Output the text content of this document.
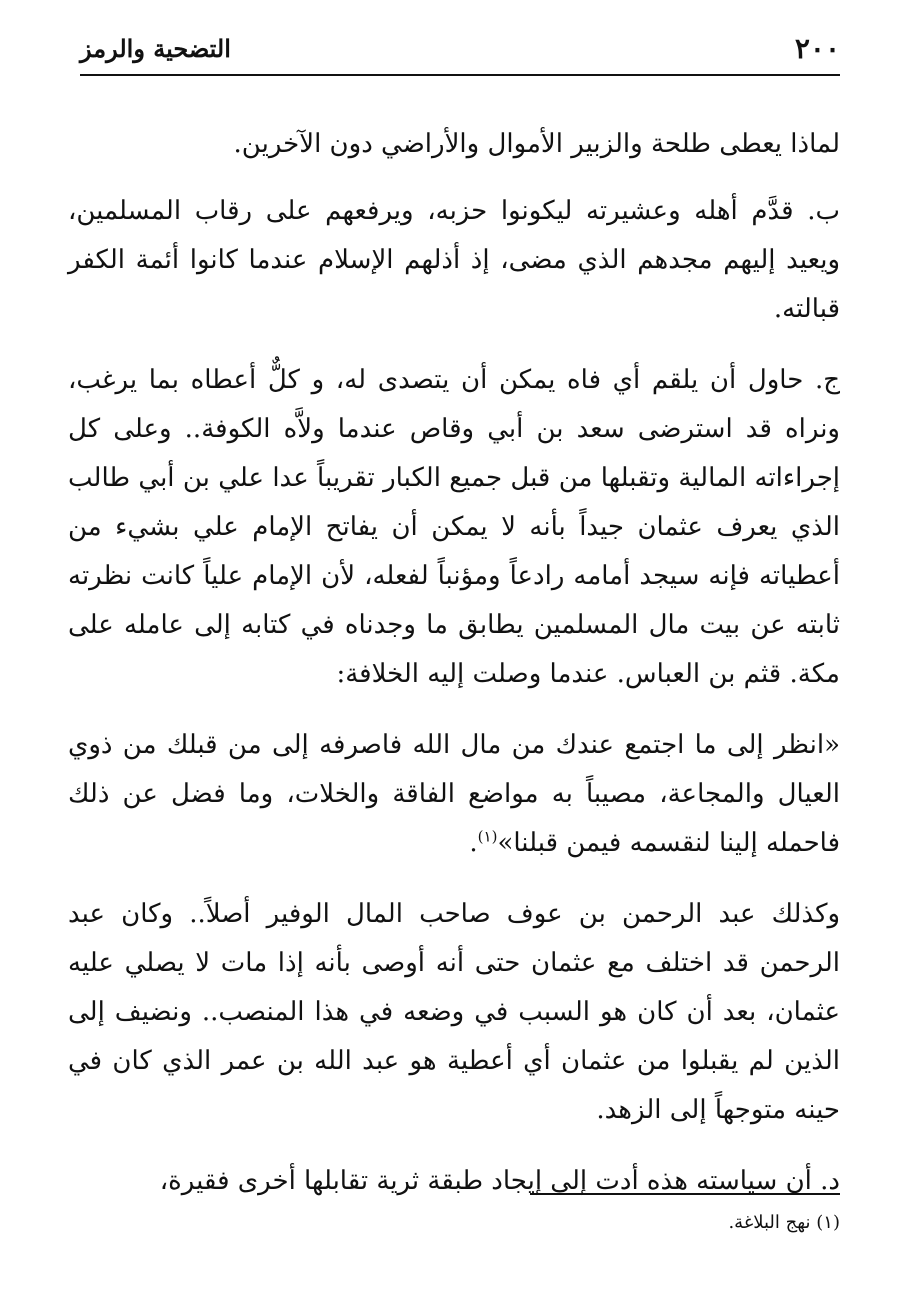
٢٠٠
التضحية والرمز

لماذا يعطى طلحة والزبير الأموال والأراضي دون الآخرين.

ب. قدَّم أهله وعشيرته ليكونوا حزبه، ويرفعهم على رقاب المسلمين، ويعيد إليهم مجدهم الذي مضى، إذ أذلهم الإسلام عندما كانوا أئمة الكفر قبالته.

ج. حاول أن يلقم أي فاه يمكن أن يتصدى له، و كلٌّ أعطاه بما يرغب، ونراه قد استرضى سعد بن أبي وقاص عندما ولاَّه الكوفة.. وعلى كل إجراءاته المالية وتقبلها من قبل جميع الكبار تقريباً عدا علي بن أبي طالب الذي يعرف عثمان جيداً بأنه لا يمكن أن يفاتح الإمام علي بشيء من أعطياته فإنه سيجد أمامه رادعاً ومؤنباً لفعله، لأن الإمام علياً كانت نظرته ثابته عن بيت مال المسلمين يطابق ما وجدناه في كتابه إلى عامله على مكة. قثم بن العباس. عندما وصلت إليه الخلافة:

«انظر إلى ما اجتمع عندك من مال الله فاصرفه إلى من قبلك من ذوي العيال والمجاعة، مصيباً به مواضع الفاقة والخلات، وما فضل عن ذلك فاحمله إلينا لنقسمه فيمن قبلنا»$^{(١)}$.

وكذلك عبد الرحمن بن عوف صاحب المال الوفير أصلاً.. وكان عبد الرحمن قد اختلف مع عثمان حتى أنه أوصى بأنه إذا مات لا يصلي عليه عثمان، بعد أن كان هو السبب في وضعه في هذا المنصب.. ونضيف إلى الذين لم يقبلوا من عثمان أي أعطية هو عبد الله بن عمر الذي كان في حينه متوجهاً إلى الزهد.

د. أن سياسته هذه أدت إلى إيجاد طبقة ثرية تقابلها أخرى فقيرة،

(١) نهج البلاغة.
